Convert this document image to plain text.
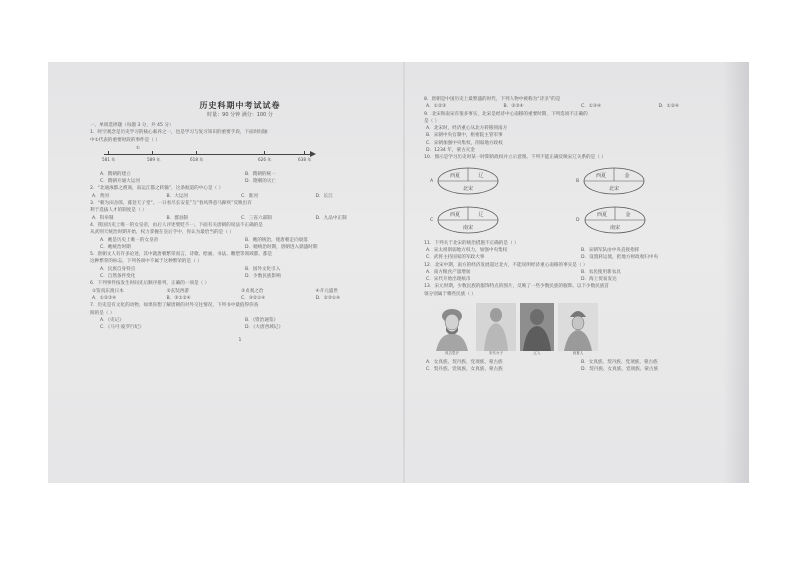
历史科期中考试试卷
时量：90 分钟 满分：100 分
一、单项选择题（每题 3 分，共 45 分）
1．时空观念是历史学习的核心素养之一，也是学习与复习知识的重要手段，下面时间轴
中①代表的重要时段的事件是（ ）
①
581 年	589 年	618 年	626 年	638 年
A．隋朝的建立	B．隋朝的统一
C．隋朝开通大运河	D．隋朝的灭亡
2．“北通涿郡之渔商，南运江都之转输”，这条航道的中心是（ ）
A．黄河	B．大运河	C．淮河	D．长江
3．“朝为田舍郎，暮登天子堂”。一日看尽长安花”与“春风得意马蹄疾”反映出有
利于选拔人才的制度是（ ）
A．科举制	B．郡县制	C．三省六部制	D．九品中正制
4．我国历史上唯一的女皇帝，由后人评述褒贬不一。下面有关唐朝的说法不正确的是
从武则天统治时期开始，权力掌握在皇后手中，你认为最恰当的是（ ）
A．她是历史上唯一的女皇帝	B．她的统治，使唐朝走向衰落
C．她统治时期	D．她统治时期，唐朝进入鼎盛时期
5．唐朝文人有许多论述，其中就唐朝繁荣而言，诗歌、绘画、书法、雕塑等领域都，都是
这种繁荣的标志，下列各项中不属于这种繁荣的是（ ）
A．民族自身特点	B．国外文化引入
C．自然条件变化	D．少数民族影响
6．下列事件按发生时间先后顺序排列，正确的一项是（ ）
①鉴真东渡日本	②玄奘西游	③贞观之治	④开元盛世
A．①②③④	B．③①②④	C．③②①④	D．②③①④
7．历史是有文化的动物，如果你想了解唐朝的对外交往情况，下列书中最值得你查
阅的是（ ）
A．《史记》	B．《资治通鉴》
C．《马可·波罗行纪》	D．《大唐西域记》
1
8．唐朝是中国历史上最繁盛的时代，下列人物中被称为“诗圣”的是
A．①②③	B．②③④	C．①③④	D．①②④
9．北宋和南宋有很多事实，北宋是经济中心南移的重要时期，下列选项不正确的
是（ ）
A．北宋时，经济重心从北方转移到南方
B．宋朝中央官制中，枢密院主管军事
C．宋朝加强中央集权，削弱地方政权
D．1234 年，蒙古灭金
10．图示是学习历史时某一时期的政权并立示意图。下列不能正确反映宋辽关系的是（ ）
A
西夏	辽
北宋
B
西夏	金
北宋
C
西夏	辽
南宋
D
西夏	金
南宋
11．下列关于北宋的统治措施不正确的是（ ）
A．宋太祖削弱地方权力，加强中央集权	B．宋朝军队由中央直接指挥
C．武将主持国家的军政大事	D．设置转运使，把地方财政收归中央
12．北宋中期，南方的经济发展超过北方，不能说明经济重心南移的事实是（ ）
A．南方粮食产量增加	B．农民使用新农具
C．宋代开始出现纸币	D．海上贸易发达
13．宋元时期，少数民族的服饰特点的图片，反映了一些少数民族的服饰。以下少数民族首
领分别属于哪些民族（ ）
成吉思汗	宋代女子	辽人	西夏人
A．女真族、契丹族、党项族、蒙古族	B．女真族、契丹族、党项族、蒙古族
C．契丹族、党项族、女真族、蒙古族	D．契丹族、女真族、党项族、蒙古族
